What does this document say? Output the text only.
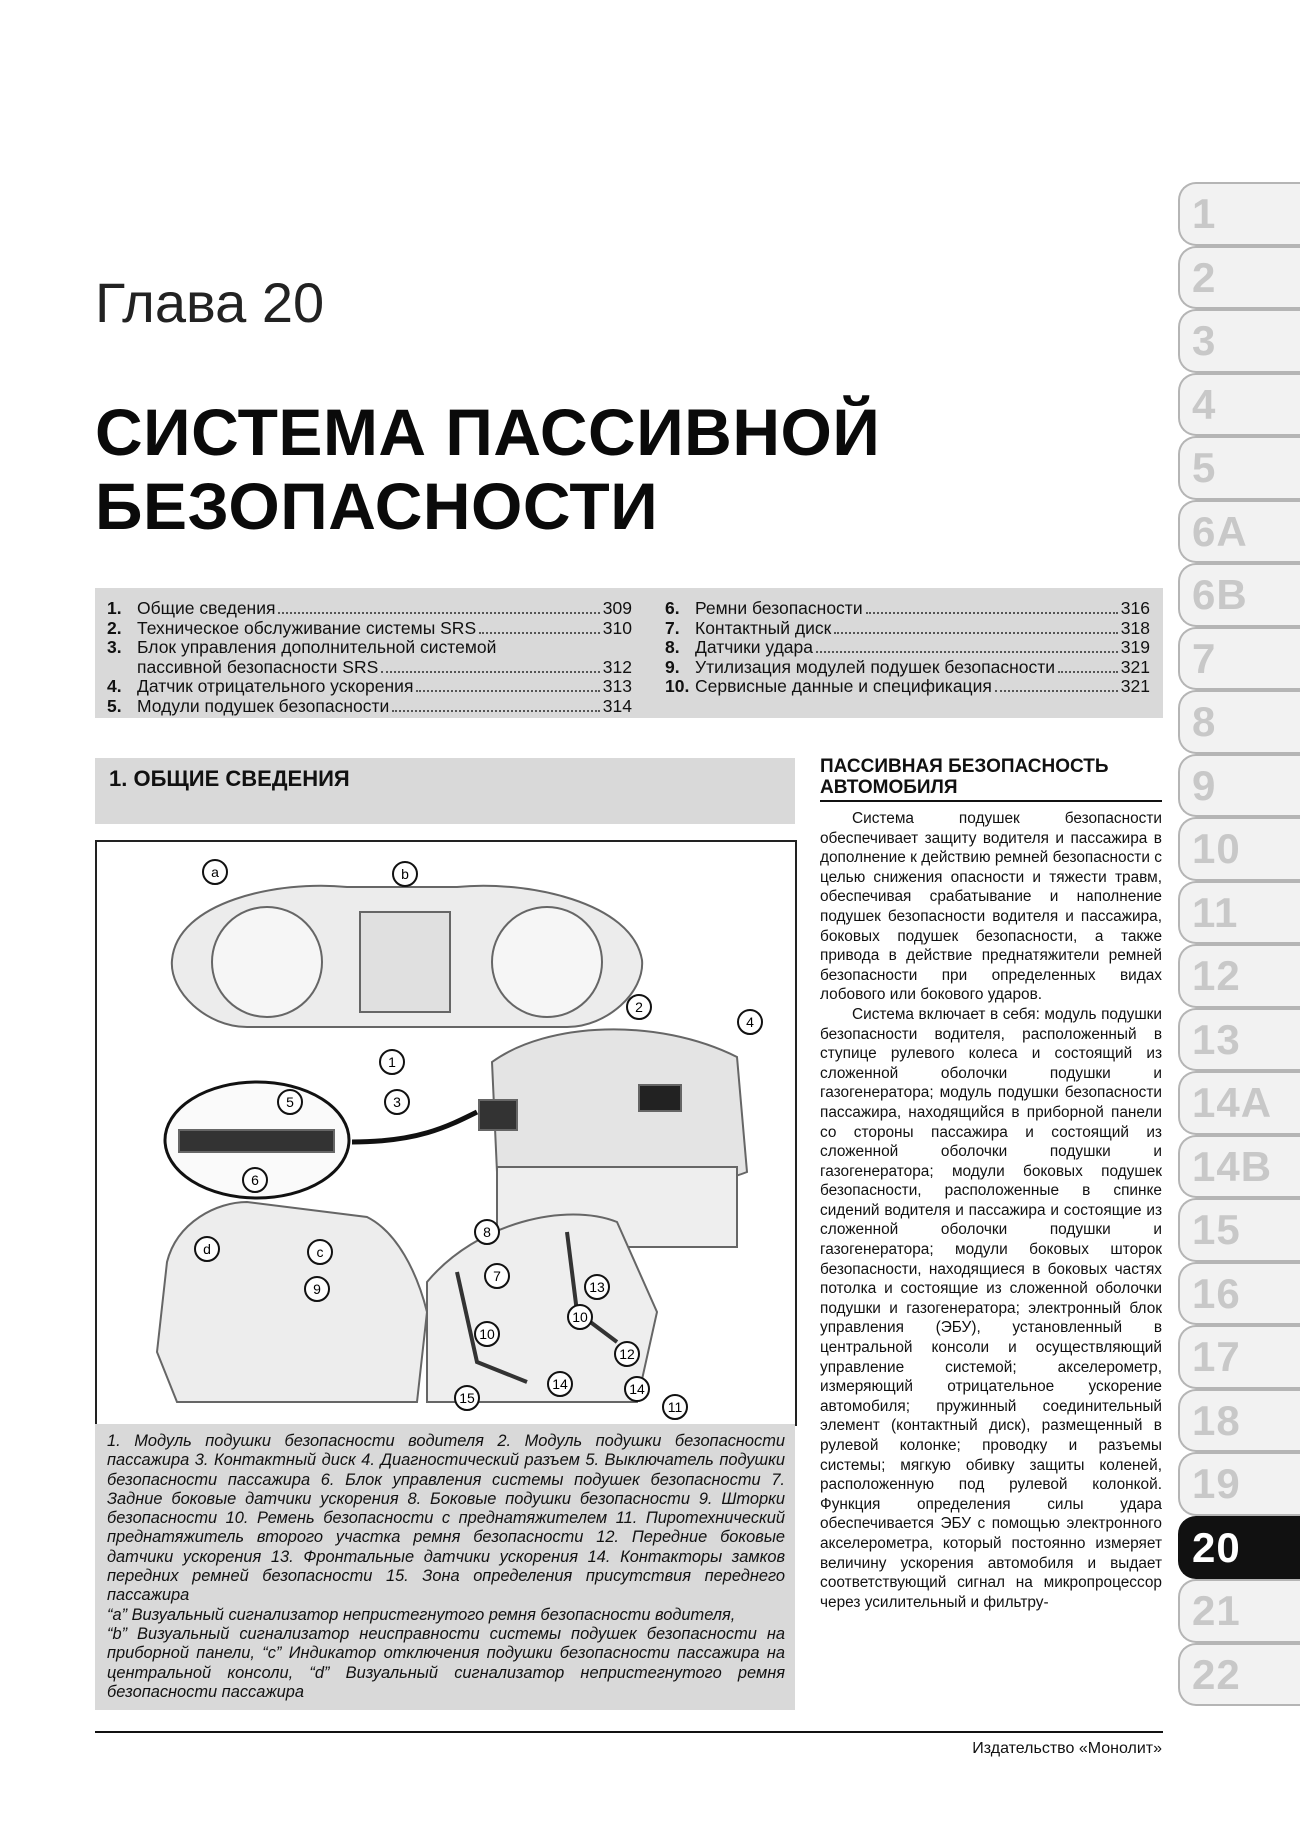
1
2
3
4
5
6A
6B
7
8
9
10
11
12
13
14A
14B
15
16
17
18
19
20
21
22
Глава 20
СИСТЕМА ПАССИВНОЙ
БЕЗОПАСНОСТИ
1. Общие сведения	309
2. Техническое обслуживание системы SRS	310
3. Блок управления дополнительной системой
пассивной безопасности SRS	312
4. Датчик отрицательного ускорения	313
5. Модули подушек безопасности	314
6. Ремни безопасности	316
7. Контактный диск	318
8. Датчики удара	319
9. Утилизация модулей подушек безопасности	321
10. Сервисные данные и спецификация	321
1. ОБЩИЕ СВЕДЕНИЯ
a	b
1
2
3
4
5
6
d	c
7
9	13
8
10
10
12
14	14
11
15
1. Модуль подушки безопасности водителя 2. Модуль подушки безопасности пассажира 3. Контактный диск 4. Диагностический разъем 5. Выключатель подушки безопасности пассажира 6. Блок управления системы подушек безопасности 7. Задние боковые датчики ускорения 8. Боковые подушки безопасности 9. Шторки безопасности 10. Ремень безопасности с преднатяжителем 11. Пиротехнический преднатяжитель второго участка ремня безопасности 12. Передние боковые датчики ускорения 13. Фронтальные датчики ускорения 14. Контакторы замков передних ремней безопасности 15. Зона определения присутствия переднего пассажира
“a” Визуальный сигнализатор непристегнутого ремня безопасности водителя,
“b” Визуальный сигнализатор неисправности системы подушек безопасности на приборной панели, “c” Индикатор отключения подушки безопасности пассажира на центральной консоли, “d” Визуальный сигнализатор непристегнутого ремня безопасности пассажира
ПАССИВНАЯ БЕЗОПАСНОСТЬ АВТОМОБИЛЯ

Система подушек безопасности обеспечивает защиту водителя и пассажира в дополнение к действию ремней безопасности с целью снижения опасности и тяжести травм, обеспечивая срабатывание и наполнение подушек безопасности водителя и пассажира, боковых подушек безопасности, а также привода в действие преднатяжители ремней безопасности при определенных видах лобового или бокового ударов.

Система включает в себя: модуль подушки безопасности водителя, расположенный в ступице рулевого колеса и состоящий из сложенной оболочки подушки и газогенератора; модуль подушки безопасности пассажира, находящийся в приборной панели со стороны пассажира и состоящий из сложенной оболочки подушки и газогенератора; модули боковых подушек безопасности, расположенные в спинке сидений водителя и пассажира и состоящие из сложенной оболочки подушки и газогенератора; модули боковых шторок безопасности, находящиеся в боковых частях потолка и состоящие из сложенной оболочки подушки и газогенератора; электронный блок управления (ЭБУ), установленный в центральной консоли и осуществляющий управление системой; акселерометр, измеряющий отрицательное ускорение автомобиля; пружинный соединительный элемент (контактный диск), размещенный в рулевой колонке; проводку и разъемы системы; мягкую обивку защиты коленей, расположенную под рулевой колонкой. Функция определения силы удара обеспечивается ЭБУ с помощью электронного акселерометра, который постоянно измеряет величину ускорения автомобиля и выдает соответствующий сигнал на микропроцессор через усилительный и фильтру-

Издательство «Монолит»
